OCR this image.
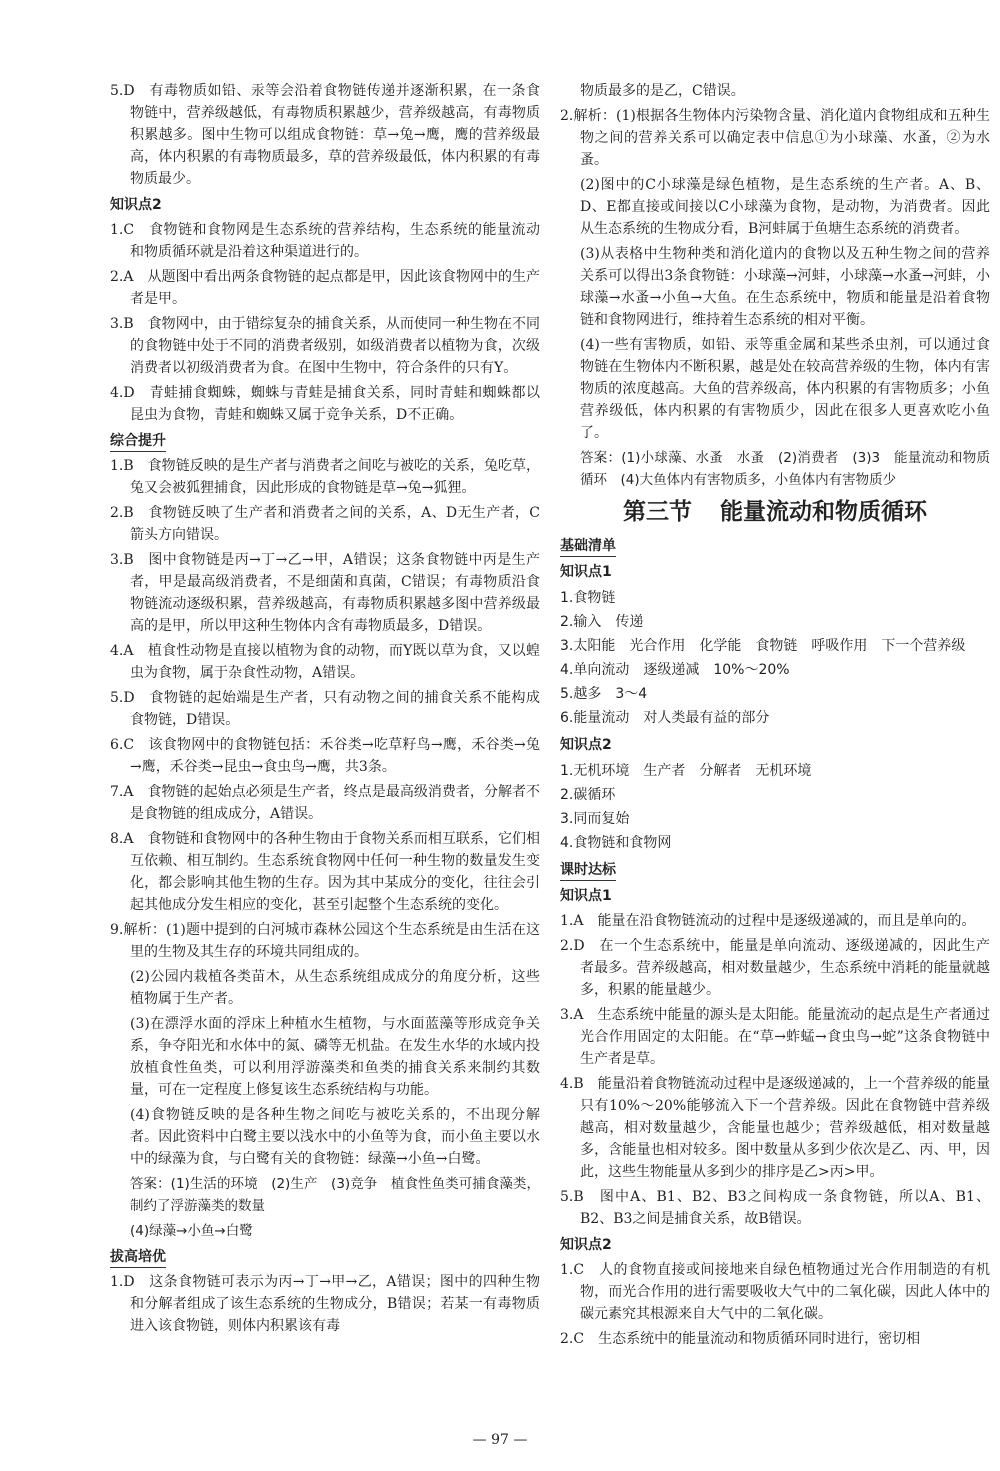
5.D　有毒物质如铅、汞等会沿着食物链传递并逐渐积累，在一条食物链中，营养级越低，有毒物质积累越少，营养级越高，有毒物质积累越多。图中生物可以组成食物链：草→兔→鹰，鹰的营养级最高，体内积累的有毒物质最多，草的营养级最低，体内积累的有毒物质最少。

知识点2

1.C　食物链和食物网是生态系统的营养结构，生态系统的能量流动和物质循环就是沿着这种渠道进行的。

2.A　从题图中看出两条食物链的起点都是甲，因此该食物网中的生产者是甲。

3.B　食物网中，由于错综复杂的捕食关系，从而使同一种生物在不同的食物链中处于不同的消费者级别，如级消费者以植物为食，次级消费者以初级消费者为食。在图中生物中，符合条件的只有Y。

4.D　青蛙捕食蜘蛛，蜘蛛与青蛙是捕食关系，同时青蛙和蜘蛛都以昆虫为食物，青蛙和蜘蛛又属于竞争关系，D不正确。

综合提升

1.B　食物链反映的是生产者与消费者之间吃与被吃的关系，兔吃草，兔又会被狐狸捕食，因此形成的食物链是草→兔→狐狸。

2.B　食物链反映了生产者和消费者之间的关系，A、D无生产者，C箭头方向错误。

3.B　图中食物链是丙→丁→乙→甲，A错误；这条食物链中丙是生产者，甲是最高级消费者，不是细菌和真菌，C错误；有毒物质沿食物链流动逐级积累，营养级越高，有毒物质积累越多图中营养级最高的是甲，所以甲这种生物体内含有毒物质最多，D错误。

4.A　植食性动物是直接以植物为食的动物，而Y既以草为食，又以蝗虫为食物，属于杂食性动物，A错误。

5.D　食物链的起始端是生产者，只有动物之间的捕食关系不能构成食物链，D错误。

6.C　该食物网中的食物链包括：禾谷类→吃草籽鸟→鹰，禾谷类→兔→鹰，禾谷类→昆虫→食虫鸟→鹰，共3条。

7.A　食物链的起始点必须是生产者，终点是最高级消费者，分解者不是食物链的组成成分，A错误。

8.A　食物链和食物网中的各种生物由于食物关系而相互联系，它们相互依赖、相互制约。生态系统食物网中任何一种生物的数量发生变化，都会影响其他生物的生存。因为其中某成分的变化，往往会引起其他成分发生相应的变化，甚至引起整个生态系统的变化。

9.解析：(1)题中提到的白河城市森林公园这个生态系统是由生活在这里的生物及其生存的环境共同组成的。

(2)公园内栽植各类苗木，从生态系统组成成分的角度分析，这些植物属于生产者。

(3)在漂浮水面的浮床上种植水生植物，与水面蓝藻等形成竞争关系，争夺阳光和水体中的氮、磷等无机盐。在发生水华的水域内投放植食性鱼类，可以利用浮游藻类和鱼类的捕食关系来制约其数量，可在一定程度上修复该生态系统结构与功能。

(4)食物链反映的是各种生物之间吃与被吃关系的，不出现分解者。因此资料中白鹭主要以浅水中的小鱼等为食，而小鱼主要以水中的绿藻为食，与白鹭有关的食物链：绿藻→小鱼→白鹭。

答案：(1)生活的环境　(2)生产　(3)竞争　植食性鱼类可捕食藻类，制约了浮游藻类的数量

(4)绿藻→小鱼→白鹭

拔高培优

1.D　这条食物链可表示为丙→丁→甲→乙，A错误；图中的四种生物和分解者组成了该生态系统的生物成分，B错误；若某一有毒物质进入该食物链，则体内积累该有毒

物质最多的是乙，C错误。

2.解析：(1)根据各生物体内污染物含量、消化道内食物组成和五种生物之间的营养关系可以确定表中信息①为小球藻、水蚤，②为水蚤。

(2)图中的C小球藻是绿色植物，是生态系统的生产者。A、B、D、E都直接或间接以C小球藻为食物，是动物，为消费者。因此从生态系统的生物成分看，B河蚌属于鱼塘生态系统的消费者。

(3)从表格中生物种类和消化道内的食物以及五种生物之间的营养关系可以得出3条食物链：小球藻→河蚌，小球藻→水蚤→河蚌，小球藻→水蚤→小鱼→大鱼。在生态系统中，物质和能量是沿着食物链和食物网进行，维持着生态系统的相对平衡。

(4)一些有害物质，如铅、汞等重金属和某些杀虫剂，可以通过食物链在生物体内不断积累，越是处在较高营养级的生物，体内有害物质的浓度越高。大鱼的营养级高，体内积累的有害物质多；小鱼营养级低，体内积累的有害物质少，因此在很多人更喜欢吃小鱼了。

答案：(1)小球藻、水蚤　水蚤　(2)消费者　(3)3　能量流动和物质循环　(4)大鱼体内有害物质多，小鱼体内有害物质少

第三节 能量流动和物质循环
基础清单
知识点1

1.食物链

2.输入　传递

3.太阳能　光合作用　化学能　食物链　呼吸作用　下一个营养级

4.单向流动　逐级递减　10%～20%

5.越多　3～4

6.能量流动　对人类最有益的部分

知识点2

1.无机环境　生产者　分解者　无机环境

2.碳循环

3.同而复始

4.食物链和食物网

课时达标
知识点1

1.A　能量在沿食物链流动的过程中是逐级递减的，而且是单向的。

2.D　在一个生态系统中，能量是单向流动、逐级递减的，因此生产者最多。营养级越高，相对数量越少，生态系统中消耗的能量就越多，积累的能量越少。

3.A　生态系统中能量的源头是太阳能。能量流动的起点是生产者通过光合作用固定的太阳能。在“草→蚱蜢→食虫鸟→蛇”这条食物链中生产者是草。

4.B　能量沿着食物链流动过程中是逐级递减的，上一个营养级的能量只有10%～20%能够流入下一个营养级。因此在食物链中营养级越高，相对数量越少，含能量也越少；营养级越低，相对数量越多，含能量也相对较多。图中数量从多到少依次是乙、丙、甲，因此，这些生物能量从多到少的排序是乙>丙>甲。

5.B　图中A、B1、B2、B3之间构成一条食物链，所以A、B1、B2、B3之间是捕食关系，故B错误。

知识点2

1.C　人的食物直接或间接地来自绿色植物通过光合作用制造的有机物，而光合作用的进行需要吸收大气中的二氧化碳，因此人体中的碳元素究其根源来自大气中的二氧化碳。

2.C　生态系统中的能量流动和物质循环同时进行，密切相

— 97 —
